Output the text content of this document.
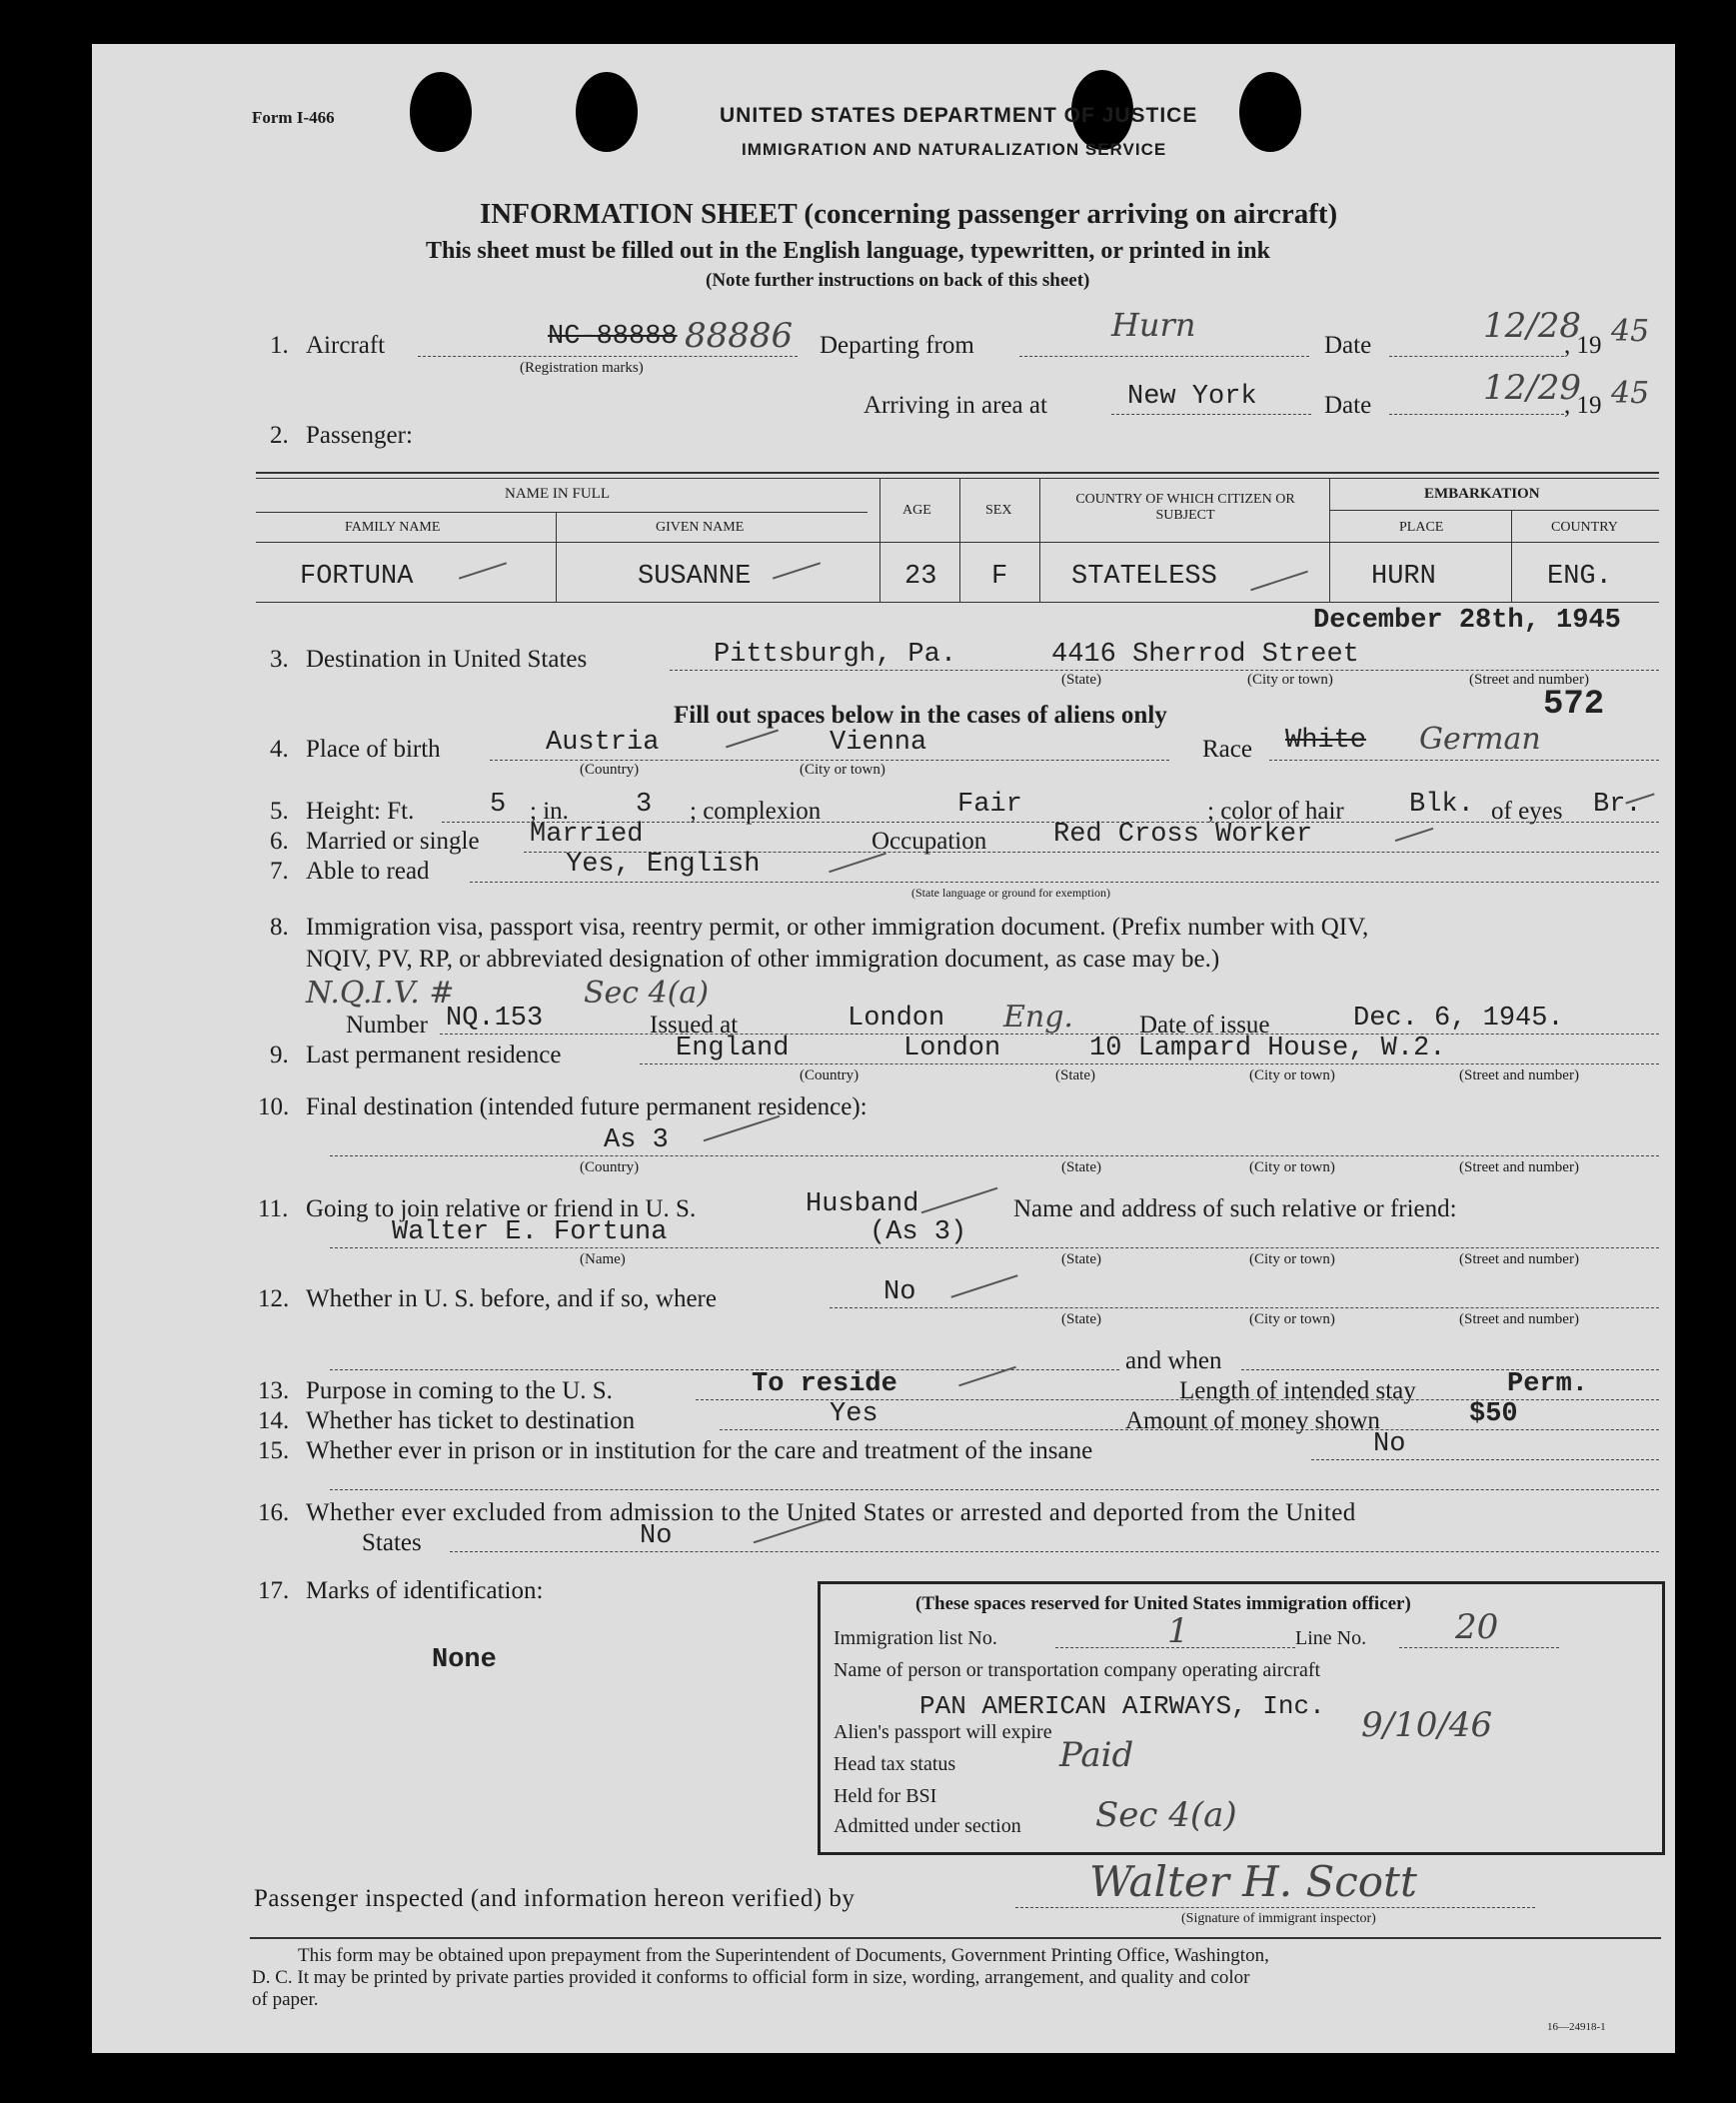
Form I-466	UNITED STATES DEPARTMENT OF JUSTICE
IMMIGRATION AND NATURALIZATION SERVICE
INFORMATION SHEET (concerning passenger arriving on aircraft)
This sheet must be filled out in the English language, typewritten, or printed in ink
(Note further instructions on back of this sheet)
1. Aircraft	NC-88888 88886
(Registration marks)
Departing from
Hurn
Date	12/28
, 19 45
Arriving in area at	New York	Date	12/29
, 19 45
2. Passenger:
NAME IN FULL
FAMILY NAME	GIVEN NAME
AGE	SEX
COUNTRY OF WHICH CITIZEN OR SUBJECT
EMBARKATION
PLACE	COUNTRY
FORTUNA	SUSANNE	23 F STATELESS	HURN	ENG.
December 28th, 1945
3. Destination in United States	Pittsburgh, Pa.	4416 Sherrod Street
(State)	(City or town)	(Street and number)
Fill out spaces below in the cases of aliens only	572
4. Place of birth	Austria	Vienna
(Country)	(City or town)
Race White German
5. Height: Ft.	5 ; in. 3 ; complexion	Fair	; color of hair Blk. of eyes Br.
6. Married or single Married	Occupation Red Cross Worker
7. Able to read	Yes, English
(State language or ground for exemption)
8. Immigration visa, passport visa, reentry permit, or other immigration document. (Prefix number with QIV,
NQIV, PV, RP, or abbreviated designation of other immigration document, as case may be.)
N.Q.I.V. #	Sec 4(a)
Number NQ.153	Issued at	London Eng.	Date of issue	Dec. 6, 1945.
9. Last permanent residence	England	London	10 Lampard House, W.2.
(Country)	(State)	(City or town)	(Street and number)
10. Final destination (intended future permanent residence):
As 3
(Country)	(State)	(City or town)	(Street and number)
11. Going to join relative or friend in U. S.	Husband	Name and address of such relative or friend:
Walter E. Fortuna	(As 3)
(Name)	(State)	(City or town)	(Street and number)
12. Whether in U. S. before, and if so, where	No
(State)	(City or town)	(Street and number)
and when
13. Purpose in coming to the U. S.	To reside	Length of intended stay	Perm.
14. Whether has ticket to destination	Yes	Amount of money shown	$50
15. Whether ever in prison or in institution for the care and treatment of the insane	No
16. Whether ever excluded from admission to the United States or arrested and deported from the United
States	No
17. Marks of identification:
None
(These spaces reserved for United States immigration officer)
Immigration list No.	1	Line No.	20
Name of person or transportation company operating aircraft
PAN AMERICAN AIRWAYS, Inc.
Alien's passport will expire	9/10/46
Head tax status	Paid
Held for BSI
Admitted under section Sec 4(a)
Passenger inspected (and information hereon verified) by	Walter H. Scott
(Signature of immigrant inspector)
This form may be obtained upon prepayment from the Superintendent of Documents, Government Printing Office, Washington,
D. C. It may be printed by private parties provided it conforms to official form in size, wording, arrangement, and quality and color
of paper.
16—24918-1
